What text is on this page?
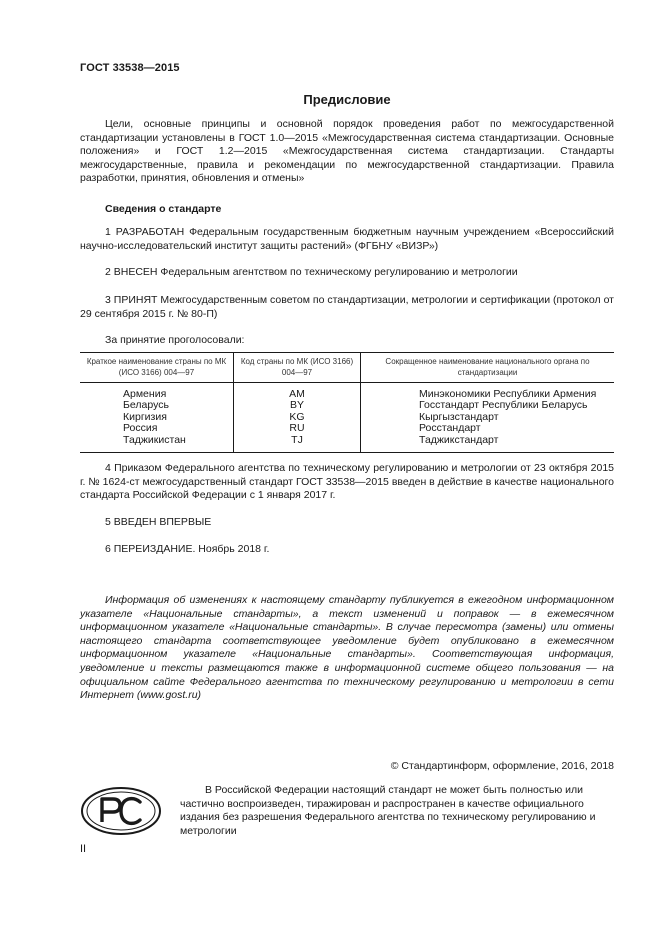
ГОСТ 33538—2015
Предисловие

Цели, основные принципы и основной порядок проведения работ по межгосударственной стандартизации установлены в ГОСТ 1.0—2015 «Межгосударственная система стандартизации. Основные положения» и ГОСТ 1.2—2015 «Межгосударственная система стандартизации. Стандарты межгосударственные, правила и рекомендации по межгосударственной стандартизации. Правила разработки, принятия, обновления и отмены»

Сведения о стандарте

1 РАЗРАБОТАН Федеральным государственным бюджетным научным учреждением «Всероссийский научно-исследовательский институт защиты растений» (ФГБНУ «ВИЗР»)

2 ВНЕСЕН Федеральным агентством по техническому регулированию и метрологии

3 ПРИНЯТ Межгосударственным советом по стандартизации, метрологии и сертификации (протокол от 29 сентября 2015 г. № 80-П)

За принятие проголосовали:
Краткое наименование страны по МК (ИСО 3166) 004—97	Код страны по МК (ИСО 3166) 004—97	Сокращенное наименование национального органа по стандартизации
Армения	AM	Минэкономики Республики Армения
Беларусь	BY	Госстандарт Республики Беларусь
Киргизия	KG	Кыргызстандарт
Россия	RU	Росстандарт
Таджикистан	TJ	Таджикстандарт

4 Приказом Федерального агентства по техническому регулированию и метрологии от 23 октября 2015 г. № 1624-ст межгосударственный стандарт ГОСТ 33538—2015 введен в действие в качестве национального стандарта Российской Федерации с 1 января 2017 г.

5 ВВЕДЕН ВПЕРВЫЕ

6 ПЕРЕИЗДАНИЕ. Ноябрь 2018 г.

Информация об изменениях к настоящему стандарту публикуется в ежегодном информационном указателе «Национальные стандарты», а текст изменений и поправок — в ежемесячном информационном указателе «Национальные стандарты». В случае пересмотра (замены) или отмены настоящего стандарта соответствующее уведомление будет опубликовано в ежемесячном информационном указателе «Национальные стандарты». Соответствующая информация, уведомление и тексты размещаются также в информационной системе общего пользования — на официальном сайте Федерального агентства по техническому регулированию и метрологии в сети Интернет (www.gost.ru)

© Стандартинформ, оформление, 2016, 2018

В Российской Федерации настоящий стандарт не может быть полностью или частично воспроизведен, тиражирован и распространен в качестве официального издания без разрешения Федерального агентства по техническому регулированию и метрологии

II
